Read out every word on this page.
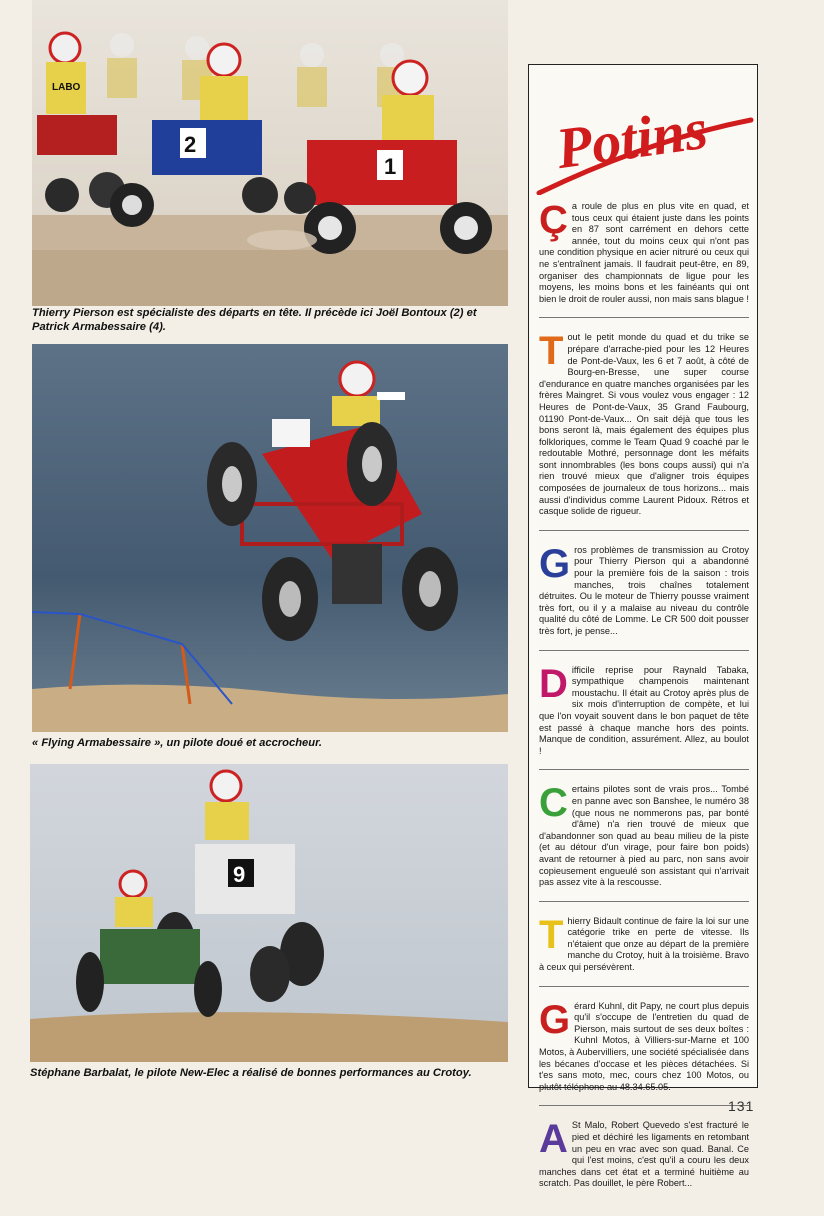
2
1
LABO
Thierry Pierson est spécialiste des départs en tête. Il précède ici Joël Bontoux (2) et Patrick Armabessaire (4).
« Flying Armabessaire », un pilote doué et accrocheur.
9
Stéphane Barbalat, le pilote New-Elec a réalisé de bonnes performances au Crotoy.
Potins
Ç a roule de plus en plus vite en quad, et tous ceux qui étaient juste dans les points en 87 sont carrément en dehors cette année, tout du moins ceux qui n'ont pas une condition physique en acier nitruré ou ceux qui ne s'entraînent jamais. Il faudrait peut-être, en 89, organiser des championnats de ligue pour les moyens, les moins bons et les fainéants qui ont bien le droit de rouler aussi, non mais sans blague !
T out le petit monde du quad et du trike se prépare d'arrache-pied pour les 12 Heures de Pont-de-Vaux, les 6 et 7 août, à côté de Bourg-en-Bresse, une super course d'endurance en quatre manches organisées par les frères Maingret. Si vous voulez vous engager : 12 Heures de Pont-de-Vaux, 35 Grand Faubourg, 01190 Pont-de-Vaux... On sait déjà que tous les bons seront là, mais également des équipes plus folkloriques, comme le Team Quad 9 coaché par le redoutable Mothré, personnage dont les méfaits sont innombrables (les bons coups aussi) qui n'a rien trouvé mieux que d'aligner trois équipes composées de journaleux de tous horizons... mais aussi d'individus comme Laurent Pidoux. Rétros et casque solide de rigueur.
G ros problèmes de transmission au Crotoy pour Thierry Pierson qui a abandonné pour la première fois de la saison : trois manches, trois chaînes totalement détruites. Ou le moteur de Thierry pousse vraiment très fort, ou il y a malaise au niveau du contrôle qualité du côté de Lomme. Le CR 500 doit pousser très fort, je pense...
D ifficile reprise pour Raynald Tabaka, sympathique champenois maintenant moustachu. Il était au Crotoy après plus de six mois d'interruption de compète, et lui que l'on voyait souvent dans le bon paquet de tête est passé à chaque manche hors des points. Manque de condition, assurément. Allez, au boulot !
C ertains pilotes sont de vrais pros... Tombé en panne avec son Banshee, le numéro 38 (que nous ne nommerons pas, par bonté d'âme) n'a rien trouvé de mieux que d'abandonner son quad au beau milieu de la piste (et au détour d'un virage, pour faire bon poids) avant de retourner à pied au parc, non sans avoir copieusement engueulé son assistant qui n'arrivait pas assez vite à la rescousse.
T hierry Bidault continue de faire la loi sur une catégorie trike en perte de vitesse. Ils n'étaient que onze au départ de la première manche du Crotoy, huit à la troisième. Bravo à ceux qui persévèrent.
G érard Kuhnl, dit Papy, ne court plus depuis qu'il s'occupe de l'entretien du quad de Pierson, mais surtout de ses deux boîtes : Kuhnl Motos, à Villiers-sur-Marne et 100 Motos, à Aubervilliers, une société spécialisée dans les bécanes d'occase et les pièces détachées. Si t'es sans moto, mec, cours chez 100 Motos, ou plutôt téléphone au 48.34.65.05.
A St Malo, Robert Quevedo s'est fracturé le pied et déchiré les ligaments en retombant un peu en vrac avec son quad. Banal. Ce qui l'est moins, c'est qu'il a couru les deux manches dans cet état et a terminé huitième au scratch. Pas douillet, le père Robert...
131
